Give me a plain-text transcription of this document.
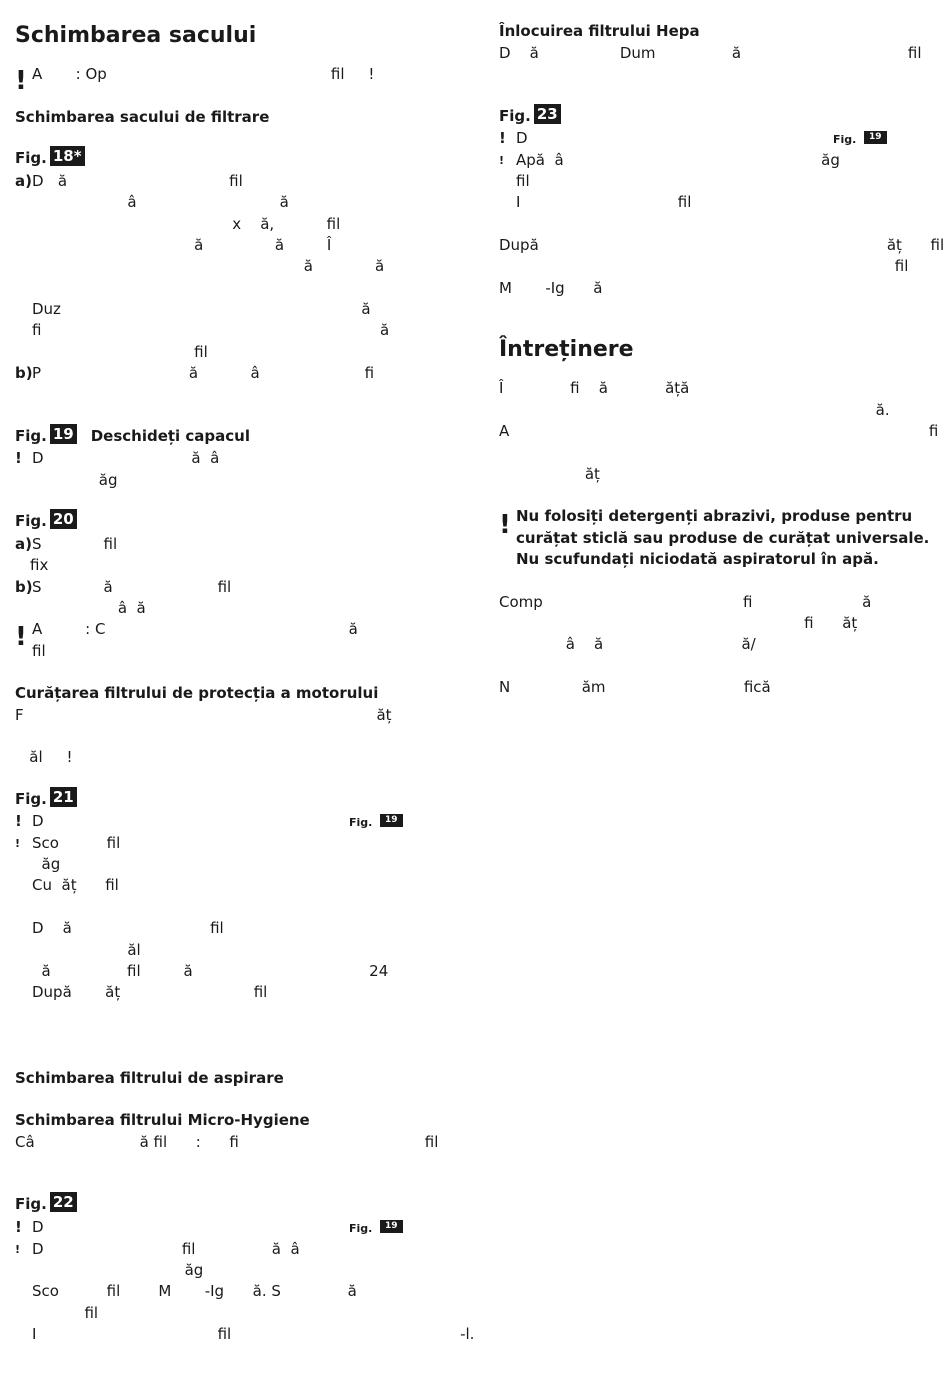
Schimbarea sacului
! A       : Op                                               fil     !
Schimbarea sacului de filtrare
Fig. 18*
a) D   ă                                  fil
â                              ă
x    ă,           fil
ă               ă         Î
ă             ă
Duz                                                               ă
fi                                                                       ă
fil
b) P                               ă           â                      fi
Fig. 19 Deschideți capacul
! D                               ă  â
ăg
Fig. 20
a) S             fil
fix
b) S             ă                      fil
â  ă
! A         : C                                                   ă
fil
Curățarea filtrului de protecția a motorului
F                                                                          ăț
ăl     !
Fig. 21
! D	Fig.	19
! Sco          fil
ăg
Cu  ăț      fil
D    ă                             fil
ăl
ă                fil         ă                                     24
După       ăț                            fil
Schimbarea filtrului de aspirare
Schimbarea filtrului Micro-Hygiene
Câ                      ă fil      :      fi                                       fil
Fig. 22
! D	Fig.	19
! D                             fil                ă  â
ăg
Sco          fil        M       -Ig      ă. S              ă
fil
I                                      fil                                                -l.
Înlocuirea filtrului Hepa
D    ă                 Dum                ă                                   fil
Fig. 23
! D	Fig.	19
! Apă  â                                                      ăg
fil
I                                 fil
După                                                                         ăț      fil
fil
M       -Ig      ă
Întreținere
Î              fi    ă            ăță
ă.
A                                                                                        fi
ăț
! Nu folosiți detergenți abrazivi, produse pentru
curățat sticlă sau produse de curățat universale.
Nu scufundați niciodată aspiratorul în apă.
Comp                                          fi                       ă
fi      ăț
â    ă                             ă/
N               ăm                             fică
